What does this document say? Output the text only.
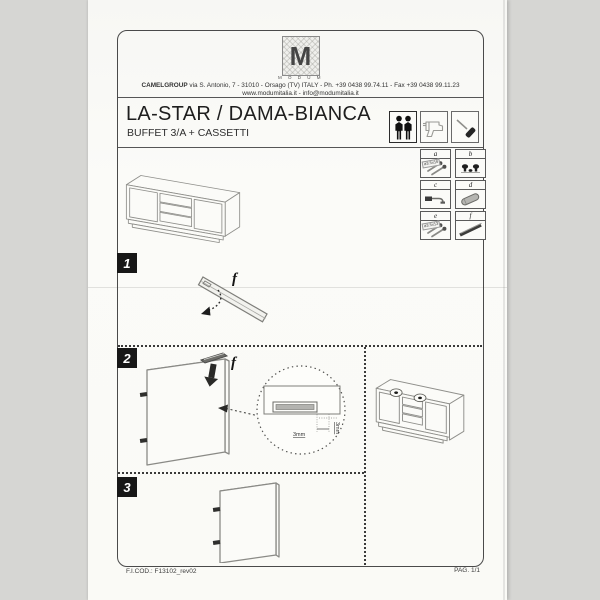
M
M O D U M
CAMELGROUP via S. Antonio, 7 - 31010 - Orsago (TV) ITALY - Ph. +39 0438 99.74.11 - Fax +39 0438 99.11.23
www.modumitalia.it - info@modumitalia.it
LA-STAR / DAMA-BIANCA
BUFFET 3/A + CASSETTI
a
ø3.5x16
b
c	d
e
ø3.5x13
f
1
f
2	f
3mm
3mm
3
F.I.COD.: F13102_rev02	PAG. 1/1
